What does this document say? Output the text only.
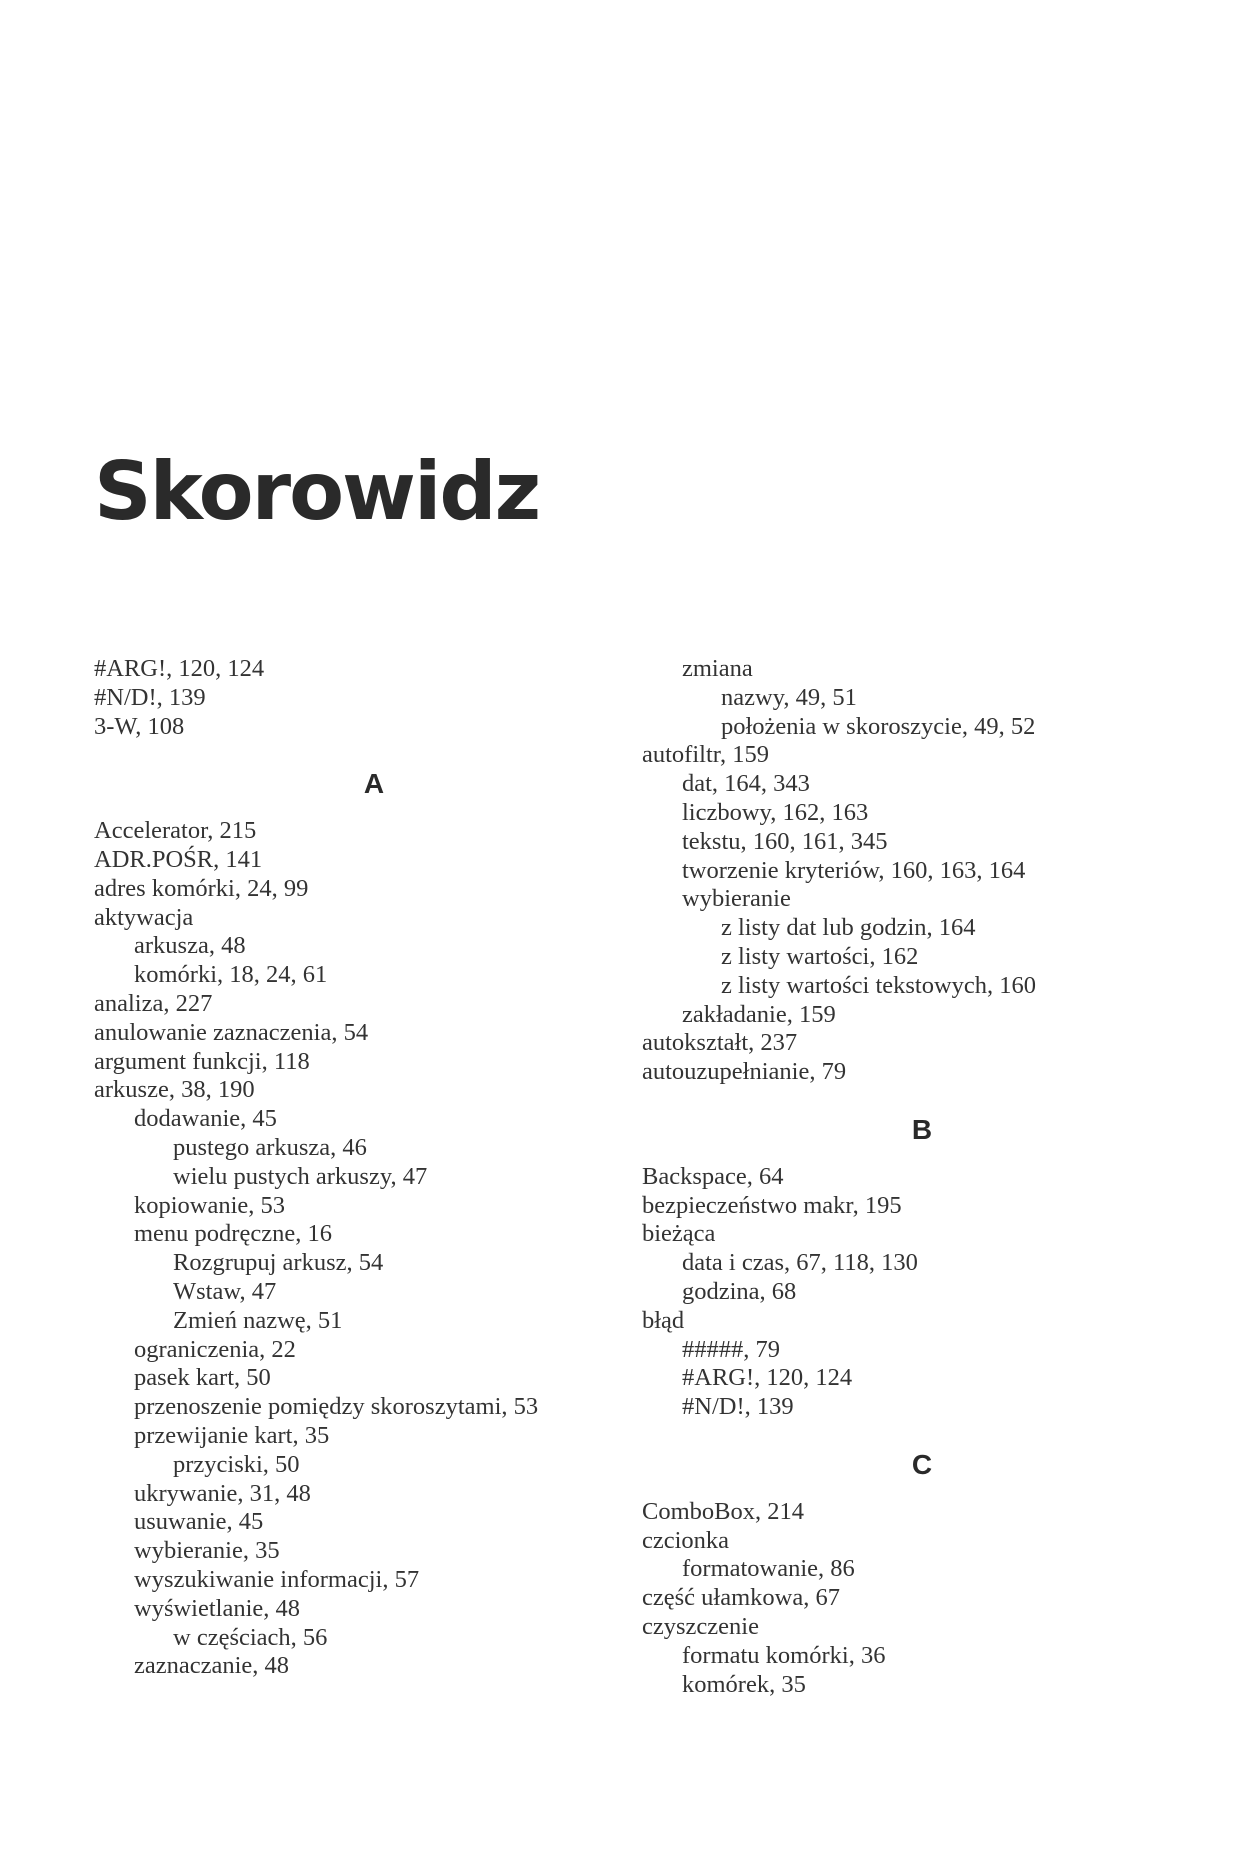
Skorowidz
#ARG!, 120, 124
#N/D!, 139
3-W, 108
A
Accelerator, 215
ADR.POŚR, 141
adres komórki, 24, 99
aktywacja
arkusza, 48
komórki, 18, 24, 61
analiza, 227
anulowanie zaznaczenia, 54
argument funkcji, 118
arkusze, 38, 190
dodawanie, 45
pustego arkusza, 46
wielu pustych arkuszy, 47
kopiowanie, 53
menu podręczne, 16
Rozgrupuj arkusz, 54
Wstaw, 47
Zmień nazwę, 51
ograniczenia, 22
pasek kart, 50
przenoszenie pomiędzy skoroszytami, 53
przewijanie kart, 35
przyciski, 50
ukrywanie, 31, 48
usuwanie, 45
wybieranie, 35
wyszukiwanie informacji, 57
wyświetlanie, 48
w częściach, 56
zaznaczanie, 48
zmiana
nazwy, 49, 51
położenia w skoroszycie, 49, 52
autofiltr, 159
dat, 164, 343
liczbowy, 162, 163
tekstu, 160, 161, 345
tworzenie kryteriów, 160, 163, 164
wybieranie
z listy dat lub godzin, 164
z listy wartości, 162
z listy wartości tekstowych, 160
zakładanie, 159
autokształt, 237
autouzupełnianie, 79
B
Backspace, 64
bezpieczeństwo makr, 195
bieżąca
data i czas, 67, 118, 130
godzina, 68
błąd
#####, 79
#ARG!, 120, 124
#N/D!, 139
C
ComboBox, 214
czcionka
formatowanie, 86
część ułamkowa, 67
czyszczenie
formatu komórki, 36
komórek, 35
